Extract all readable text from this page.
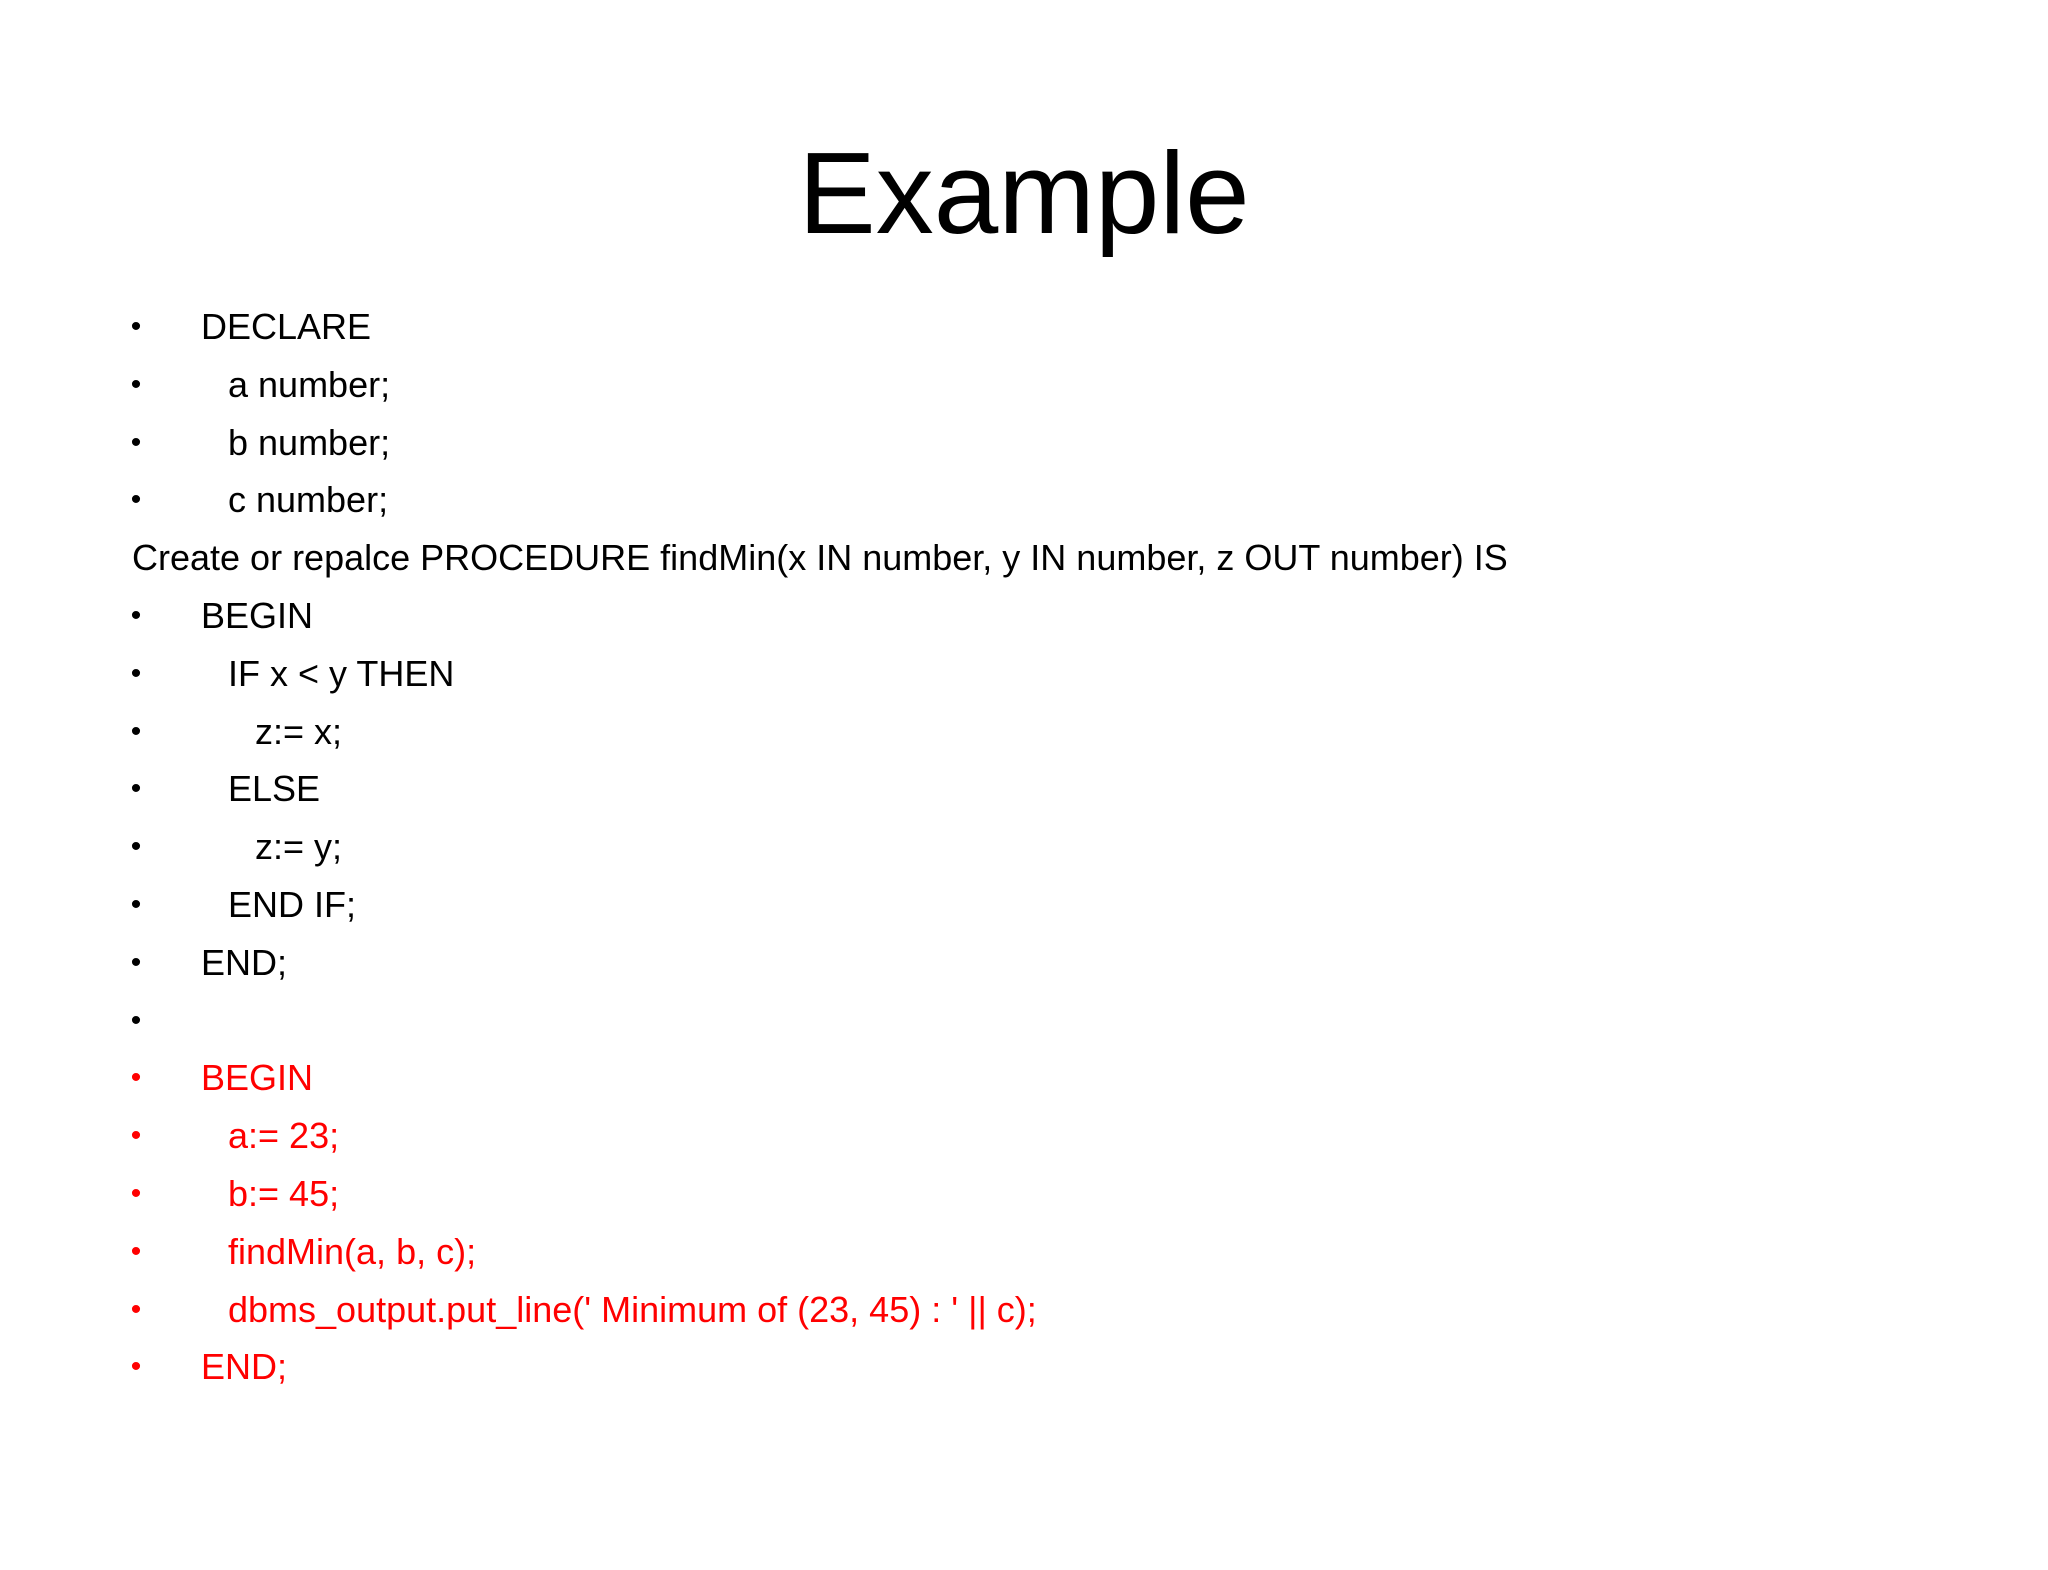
Example

•

DECLARE

•

a number;

•

b number;

•

c number;

Create or repalce PROCEDURE findMin(x IN number, y IN number, z OUT number) IS

•

BEGIN

•

IF x < y THEN

•

	z:= x;

•

ELSE

•

	z:= y;

•

END IF;

•

END;

•

•

BEGIN

•

a:= 23;

•

b:= 45;

•

findMin(a, b, c);

•

dbms_output.put_line(' Minimum of (23, 45) : ' || c);

•

END;
